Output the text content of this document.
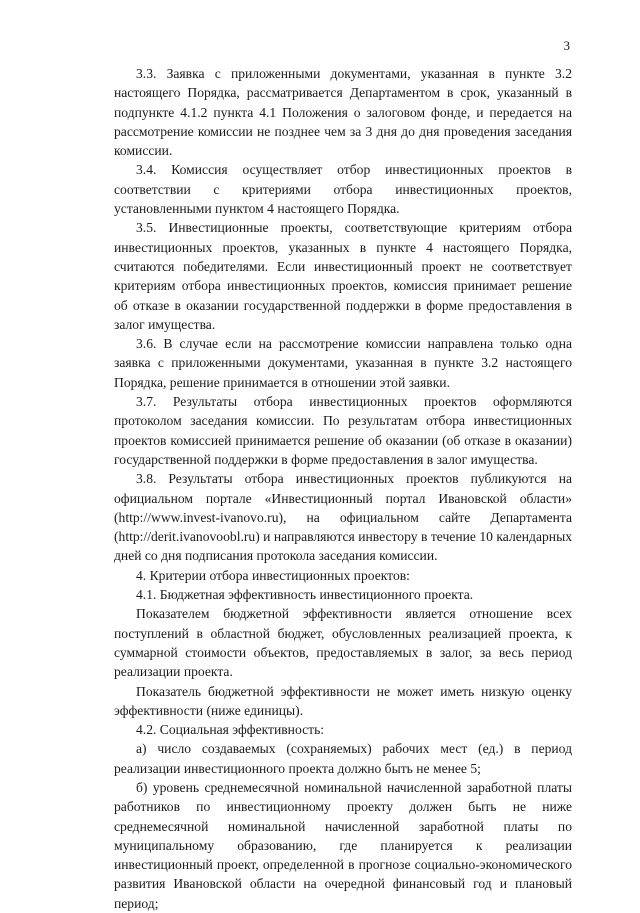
3

3.3. Заявка с приложенными документами, указанная в пункте 3.2 настоящего Порядка, рассматривается Департаментом в срок, указанный в подпункте 4.1.2 пункта 4.1 Положения о залоговом фонде, и передается на рассмотрение комиссии не позднее чем за 3 дня до дня проведения заседания комиссии.

3.4. Комиссия осуществляет отбор инвестиционных проектов в соответствии с критериями отбора инвестиционных проектов, установленными пунктом 4 настоящего Порядка.

3.5. Инвестиционные проекты, соответствующие критериям отбора инвестиционных проектов, указанных в пункте 4 настоящего Порядка, считаются победителями. Если инвестиционный проект не соответствует критериям отбора инвестиционных проектов, комиссия принимает решение об отказе в оказании государственной поддержки в форме предоставления в залог имущества.

3.6. В случае если на рассмотрение комиссии направлена только одна заявка с приложенными документами, указанная в пункте 3.2 настоящего Порядка, решение принимается в отношении этой заявки.

3.7. Результаты отбора инвестиционных проектов оформляются протоколом заседания комиссии. По результатам отбора инвестиционных проектов комиссией принимается решение об оказании (об отказе в оказании) государственной поддержки в форме предоставления в залог имущества.

3.8. Результаты отбора инвестиционных проектов публикуются на официальном портале «Инвестиционный портал Ивановской области» (http://www.invest-ivanovo.ru), на официальном сайте Департамента (http://derit.ivanovoobl.ru) и направляются инвестору в течение 10 календарных дней со дня подписания протокола заседания комиссии.

4. Критерии отбора инвестиционных проектов:

4.1. Бюджетная эффективность инвестиционного проекта.

Показателем бюджетной эффективности является отношение всех поступлений в областной бюджет, обусловленных реализацией проекта, к суммарной стоимости объектов, предоставляемых в залог, за весь период реализации проекта.

Показатель бюджетной эффективности не может иметь низкую оценку эффективности (ниже единицы).

4.2. Социальная эффективность:

а) число создаваемых (сохраняемых) рабочих мест (ед.) в период реализации инвестиционного проекта должно быть не менее 5;

б) уровень среднемесячной номинальной начисленной заработной платы работников по инвестиционному проекту должен быть не ниже среднемесячной номинальной начисленной заработной платы по муниципальному образованию, где планируется к реализации инвестиционный проект, определенной в прогнозе социально-экономического развития Ивановской области на очередной финансовый год и плановый период;
